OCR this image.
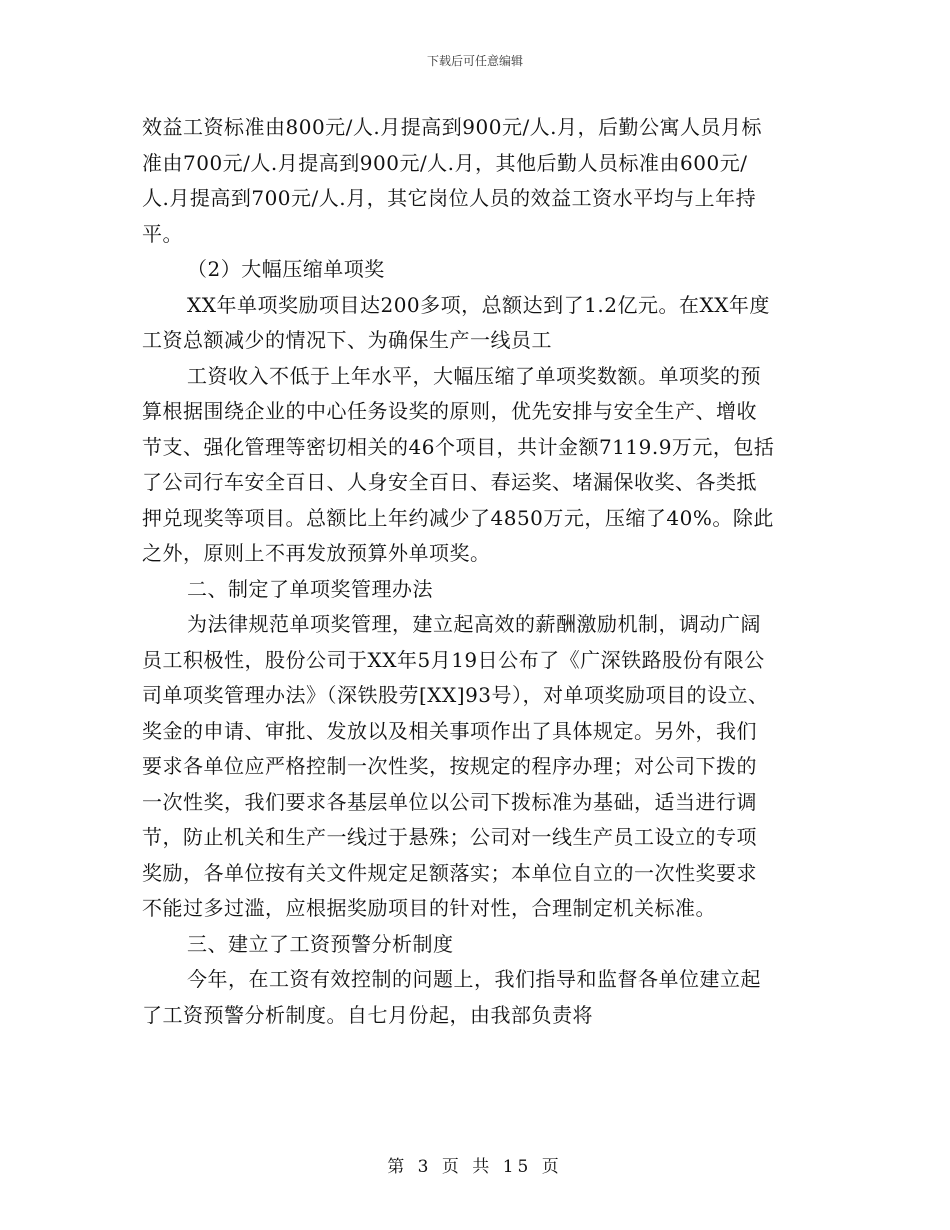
下载后可任意编辑
效益工资标准由800元/人.月提高到900元/人.月，后勤公寓人员月标
准由700元/人.月提高到900元/人.月，其他后勤人员标准由600元/
人.月提高到700元/人.月，其它岗位人员的效益工资水平均与上年持
平。
（2）大幅压缩单项奖
XX年单项奖励项目达200多项，总额达到了1.2亿元。在XX年度
工资总额减少的情况下、为确保生产一线员工
工资收入不低于上年水平，大幅压缩了单项奖数额。单项奖的预
算根据围绕企业的中心任务设奖的原则，优先安排与安全生产、增收
节支、强化管理等密切相关的46个项目，共计金额7119.9万元，包括
了公司行车安全百日、人身安全百日、春运奖、堵漏保收奖、各类抵
押兑现奖等项目。总额比上年约减少了4850万元，压缩了40%。除此
之外，原则上不再发放预算外单项奖。
二、制定了单项奖管理办法
为法律规范单项奖管理，建立起高效的薪酬激励机制，调动广阔
员工积极性，股份公司于XX年5月19日公布了《广深铁路股份有限公
司单项奖管理办法》（深铁股劳[XX]93号），对单项奖励项目的设立、
奖金的申请、审批、发放以及相关事项作出了具体规定。另外，我们
要求各单位应严格控制一次性奖，按规定的程序办理；对公司下拨的
一次性奖，我们要求各基层单位以公司下拨标准为基础，适当进行调
节，防止机关和生产一线过于悬殊；公司对一线生产员工设立的专项
奖励，各单位按有关文件规定足额落实；本单位自立的一次性奖要求
不能过多过滥，应根据奖励项目的针对性，合理制定机关标准。
三、建立了工资预警分析制度
今年，在工资有效控制的问题上，我们指导和监督各单位建立起
了工资预警分析制度。自七月份起，由我部负责将
第 3 页 共 15 页
